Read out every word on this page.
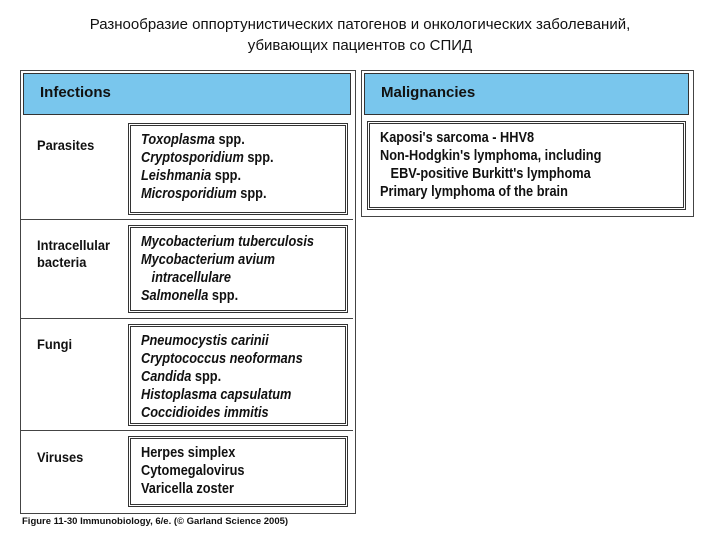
Разнообразие оппортунистических патогенов и онкологических заболеваний,
убивающих пациентов со СПИД
Infections
Parasites
Intracellular bacteria
Fungi
Viruses
Toxoplasma spp.
Cryptosporidium spp.
Leishmania spp.
Microsporidium spp.
Mycobacterium tuberculosis
Mycobacterium avium
intracellulare
Salmonella spp.
Pneumocystis carinii
Cryptococcus neoformans
Candida spp.
Histoplasma capsulatum
Coccidioides immitis
Herpes simplex
Cytomegalovirus
Varicella zoster
Malignancies
Kaposi's sarcoma - HHV8
Non-Hodgkin's lymphoma, including
EBV-positive Burkitt's lymphoma
Primary lymphoma of the brain
Figure 11-30 Immunobiology, 6/e. (© Garland Science 2005)
